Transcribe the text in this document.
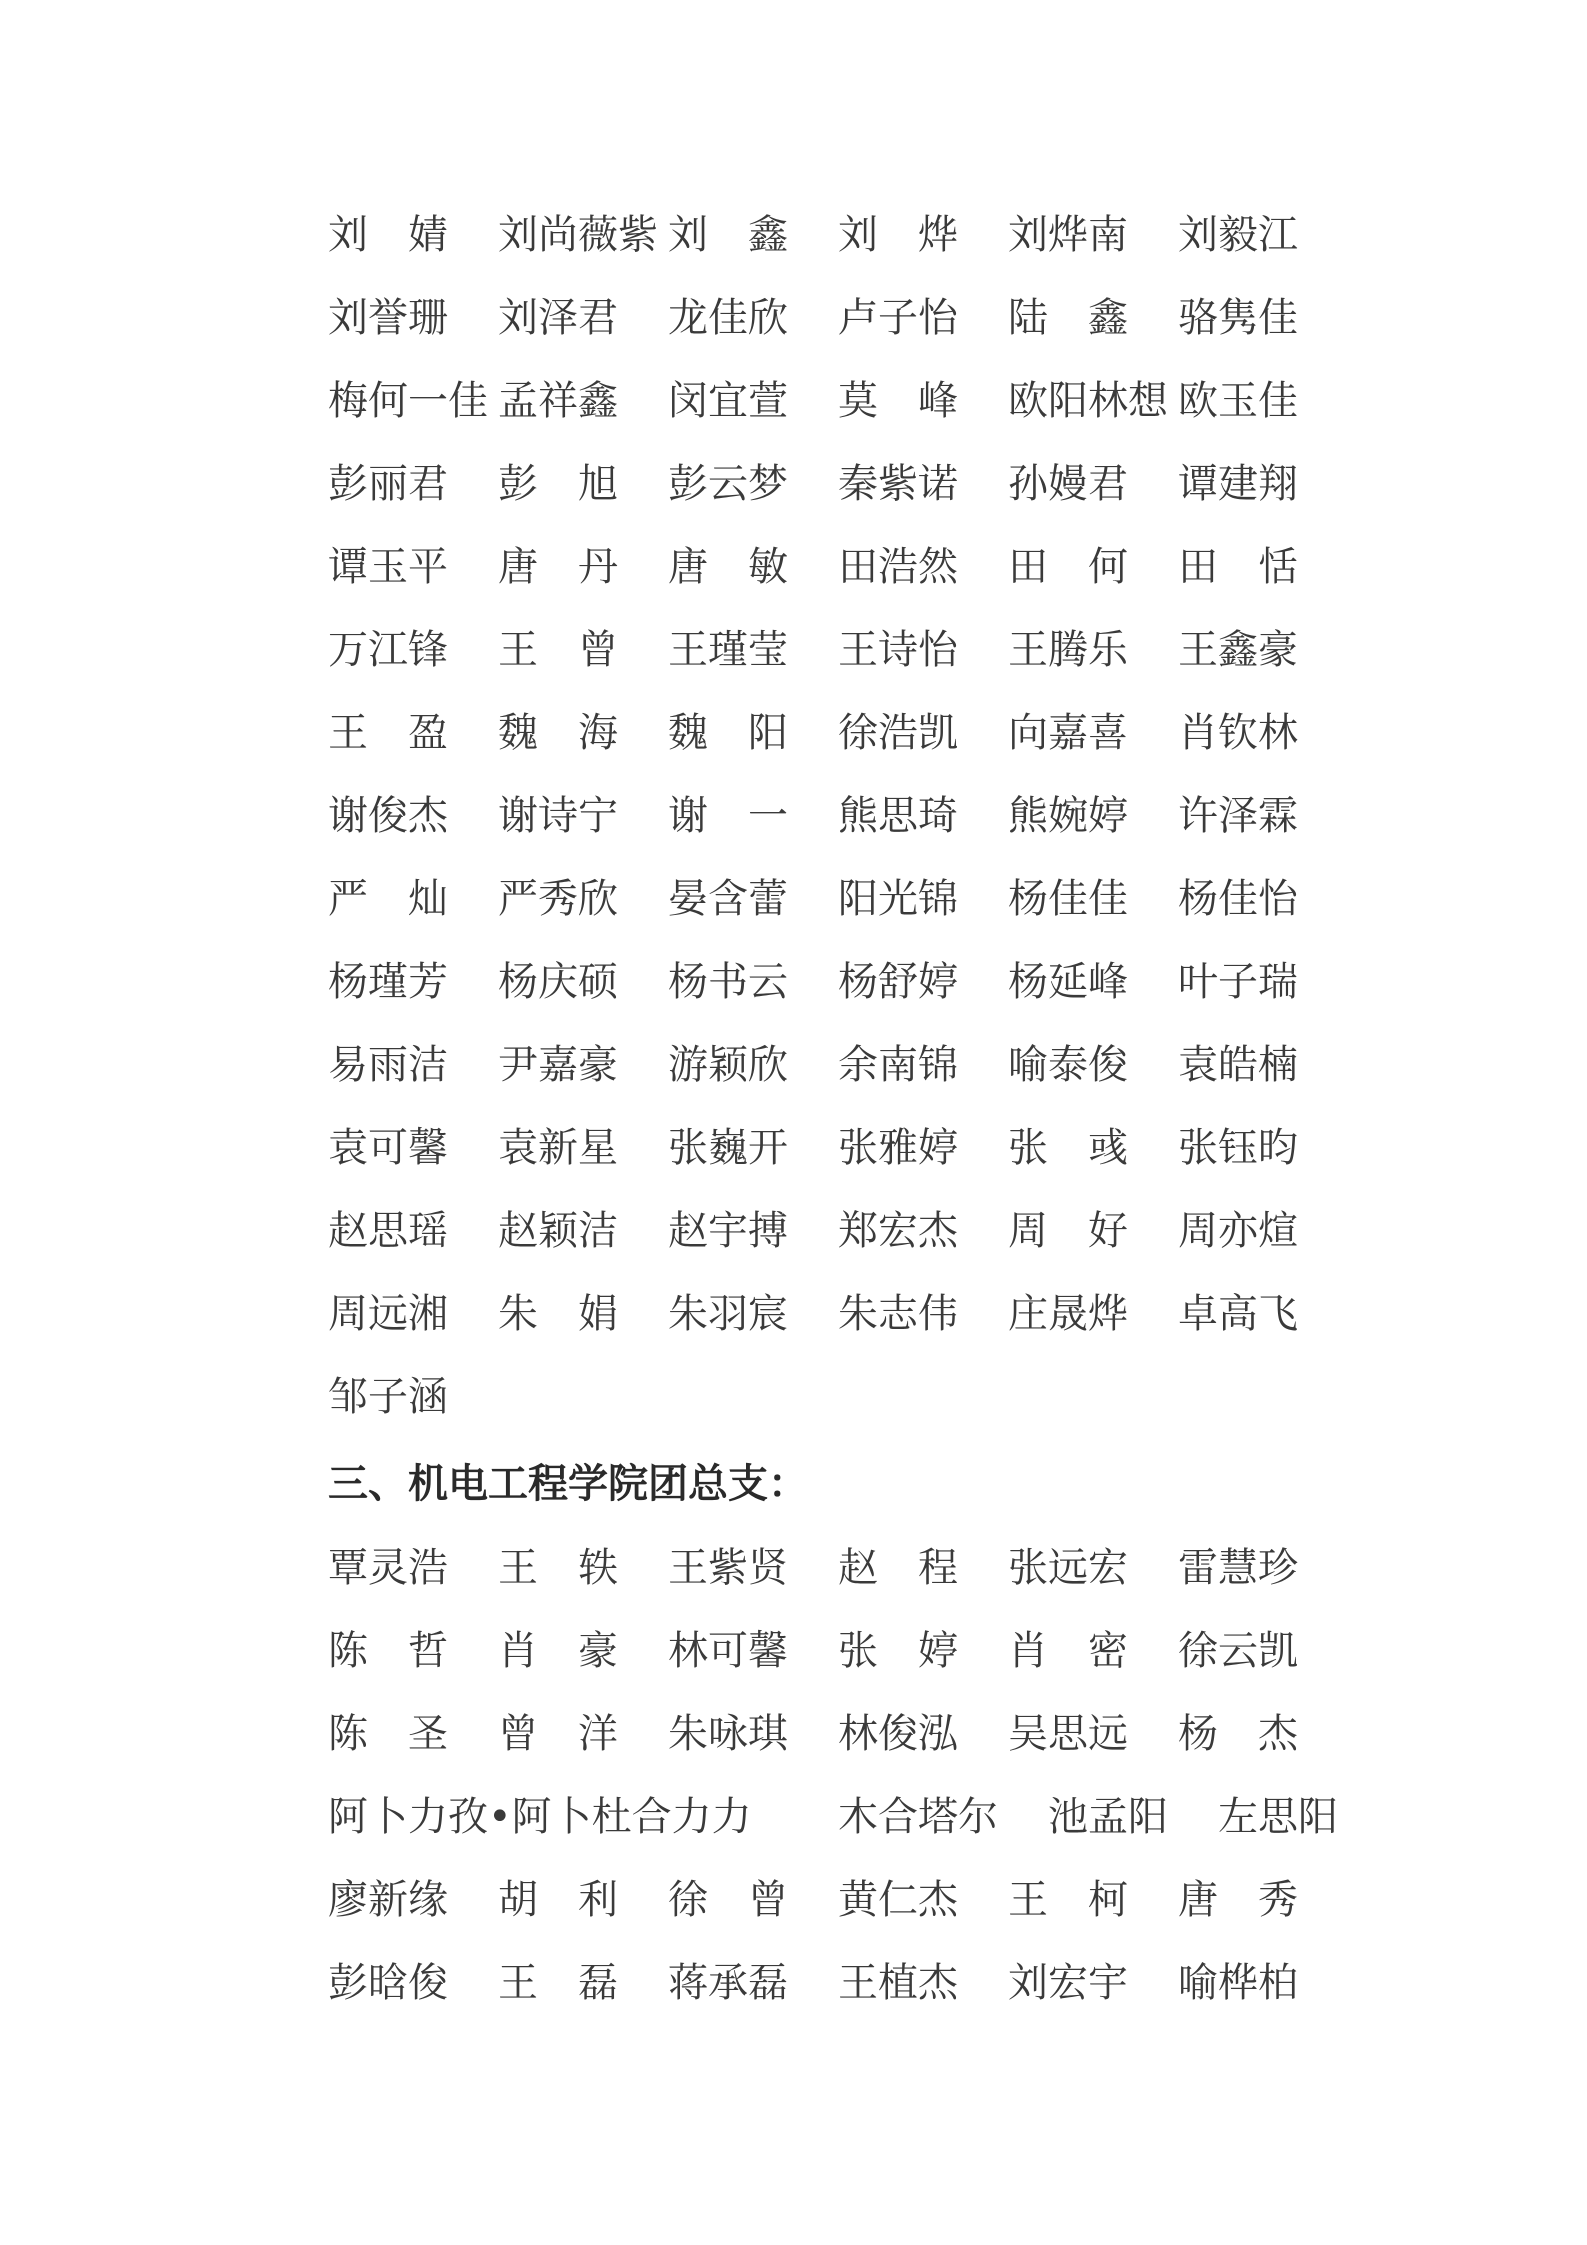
刘　婧 刘尚薇紫 刘　鑫 刘　烨 刘烨南 刘毅江
刘誉珊 刘泽君 龙佳欣 卢子怡 陆　鑫 骆隽佳
梅何一佳 孟祥鑫 闵宜萱 莫　峰 欧阳林想 欧玉佳
彭丽君 彭　旭 彭云梦 秦紫诺 孙嫚君 谭建翔
谭玉平 唐　丹 唐　敏 田浩然 田　何 田　恬
万江锋 王　曾 王瑾莹 王诗怡 王腾乐 王鑫豪
王　盈 魏　海 魏　阳 徐浩凯 向嘉喜 肖钦林
谢俊杰 谢诗宁 谢　一 熊思琦 熊婉婷 许泽霖
严　灿 严秀欣 晏含蕾 阳光锦 杨佳佳 杨佳怡
杨瑾芳 杨庆硕 杨书云 杨舒婷 杨延峰 叶子瑞
易雨洁 尹嘉豪 游颖欣 余南锦 喻泰俊 袁皓楠
袁可馨 袁新星 张巍开 张雅婷 张　彧 张钰昀
赵思瑶 赵颖洁 赵宇搏 郑宏杰 周　好 周亦煊
周远湘 朱　娟 朱羽宸 朱志伟 庄晟烨 卓高飞
邹子涵
三、机电工程学院团总支：
覃灵浩 王　轶 王紫贤 赵　程 张远宏 雷慧珍
陈　哲 肖　豪 林可馨 张　婷 肖　密 徐云凯
陈　圣 曾　洋 朱咏琪 林俊泓 吴思远 杨　杰
阿卜力孜•阿卜杜合力力 木合塔尔 池孟阳 左思阳
廖新缘 胡　利 徐　曾 黄仁杰 王　柯 唐　秀
彭晗俊 王　磊 蒋承磊 王植杰 刘宏宇 喻桦柏
